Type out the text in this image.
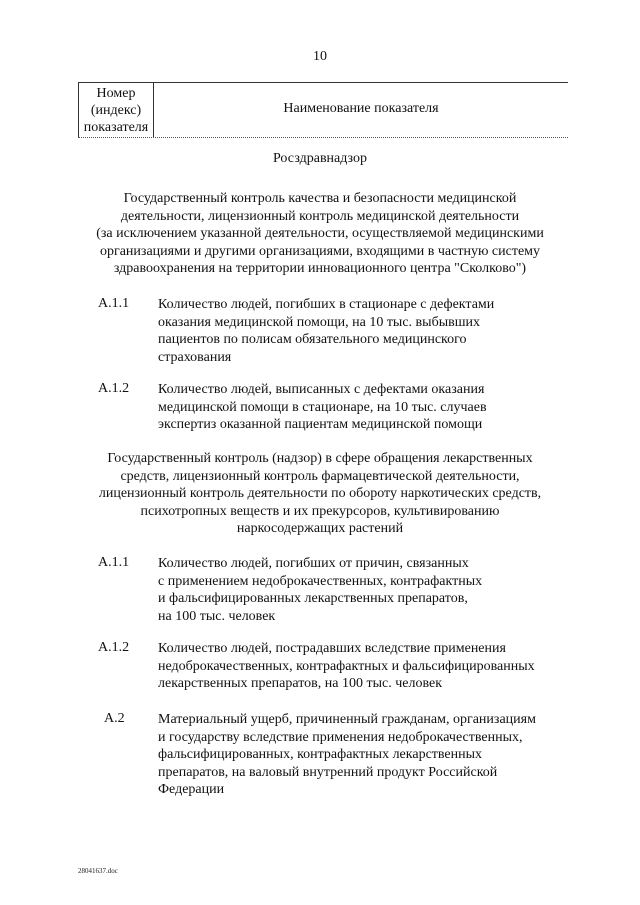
10
Номер
(индекс)
показателя
Наименование показателя
Росздравнадзор
Государственный контроль качества и безопасности медицинской
деятельности, лицензионный контроль медицинской деятельности
(за исключением указанной деятельности, осуществляемой медицинскими
организациями и другими организациями, входящими в частную систему
здравоохранения на территории инновационного центра "Сколково")
А.1.1 Количество людей, погибших в стационаре с дефектами
оказания медицинской помощи, на 10 тыс. выбывших
пациентов по полисам обязательного медицинского
страхования
А.1.2 Количество людей, выписанных с дефектами оказания
медицинской помощи в стационаре, на 10 тыс. случаев
экспертиз оказанной пациентам медицинской помощи
Государственный контроль (надзор) в сфере обращения лекарственных
средств, лицензионный контроль фармацевтической деятельности,
лицензионный контроль деятельности по обороту наркотических средств,
психотропных веществ и их прекурсоров, культивированию
наркосодержащих растений
А.1.1 Количество людей, погибших от причин, связанных
с применением недоброкачественных, контрафактных
и фальсифицированных лекарственных препаратов,
на 100 тыс. человек
А.1.2 Количество людей, пострадавших вследствие применения
недоброкачественных, контрафактных и фальсифицированных
лекарственных препаратов, на 100 тыс. человек
А.2 Материальный ущерб, причиненный гражданам, организациям
и государству вследствие применения недоброкачественных,
фальсифицированных, контрафактных лекарственных
препаратов, на валовый внутренний продукт Российской
Федерации
28041637.doc
